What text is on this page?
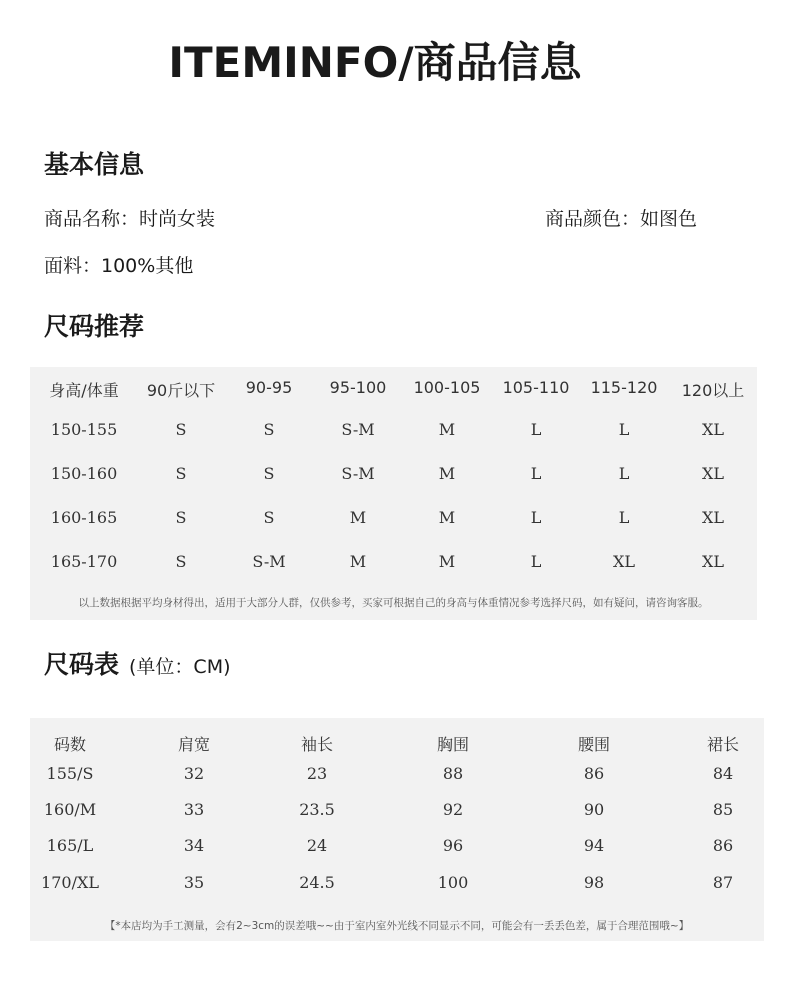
ITEMINFO/商品信息
基本信息
商品名称：时尚女装	商品颜色：如图色
面料：100%其他
尺码推荐
以上数据根据平均身材得出，适用于大部分人群，仅供参考，买家可根据自己的身高与体重情况参考选择尺码，如有疑问，请咨询客服。
身高/体重 90斤以下 90-95 95-100 100-105 105-110 115-120 120以上
150-155	S	S	S-M	M	L	L	XL
150-160	S	S	S-M	M	L	L	XL
160-165	S	S	M	M	L	L	XL
165-170	S	S-M	M	M	L	XL	XL
尺码表 (单位：CM)
【*本店均为手工测量，会有2~3cm的误差哦~~由于室内室外光线不同显示不同，可能会有一丢丢色差，属于合理范围哦~】
码数	肩宽	袖长	胸围	腰围	裙长
155/S	32	23	88	86	84
160/M	33	23.5	92	90	85
165/L	34	24	96	94	86
170/XL	35	24.5	100	98	87
